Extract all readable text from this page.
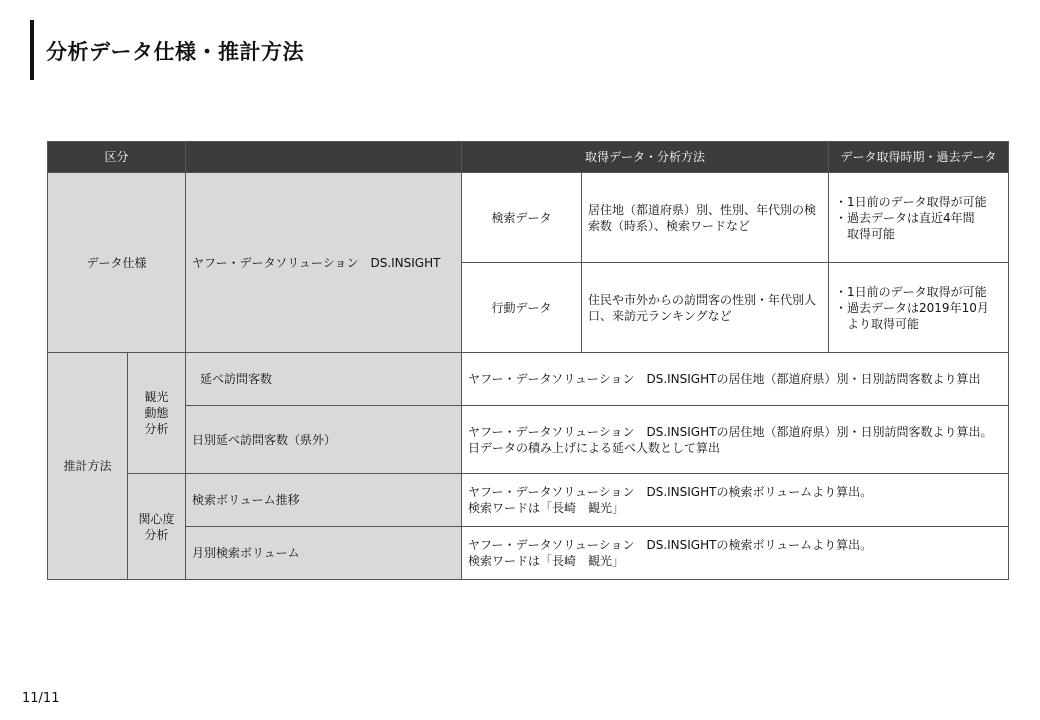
分析データ仕様・推計方法
区分			取得データ・分析方法		データ取得時期・過去データ
データ仕様		ヤフー・データソリューション　DS.INSIGHT	検索データ	居住地（都道府県）別、性別、年代別の検索数（時系）、検索ワードなど	・1日前のデータ取得が可能
・過去データは直近4年間
　取得可能
			行動データ	住民や市外からの訪問客の性別・年代別人口、来訪元ランキングなど	・1日前のデータ取得が可能
・過去データは2019年10月
　より取得可能
推計方法	観光
動態
分析	延べ訪問客数	ヤフー・データソリューション　DS.INSIGHTの居住地（都道府県）別・日別訪問客数より算出		
		日別延べ訪問客数（県外）	ヤフー・データソリューション　DS.INSIGHTの居住地（都道府県）別・日別訪問客数より算出。
日データの積み上げによる延べ人数として算出		
	関心度
分析	検索ボリューム推移	ヤフー・データソリューション　DS.INSIGHTの検索ボリュームより算出。
検索ワードは「長崎　観光」		
		月別検索ボリューム	ヤフー・データソリューション　DS.INSIGHTの検索ボリュームより算出。
検索ワードは「長崎　観光」		
11/11
